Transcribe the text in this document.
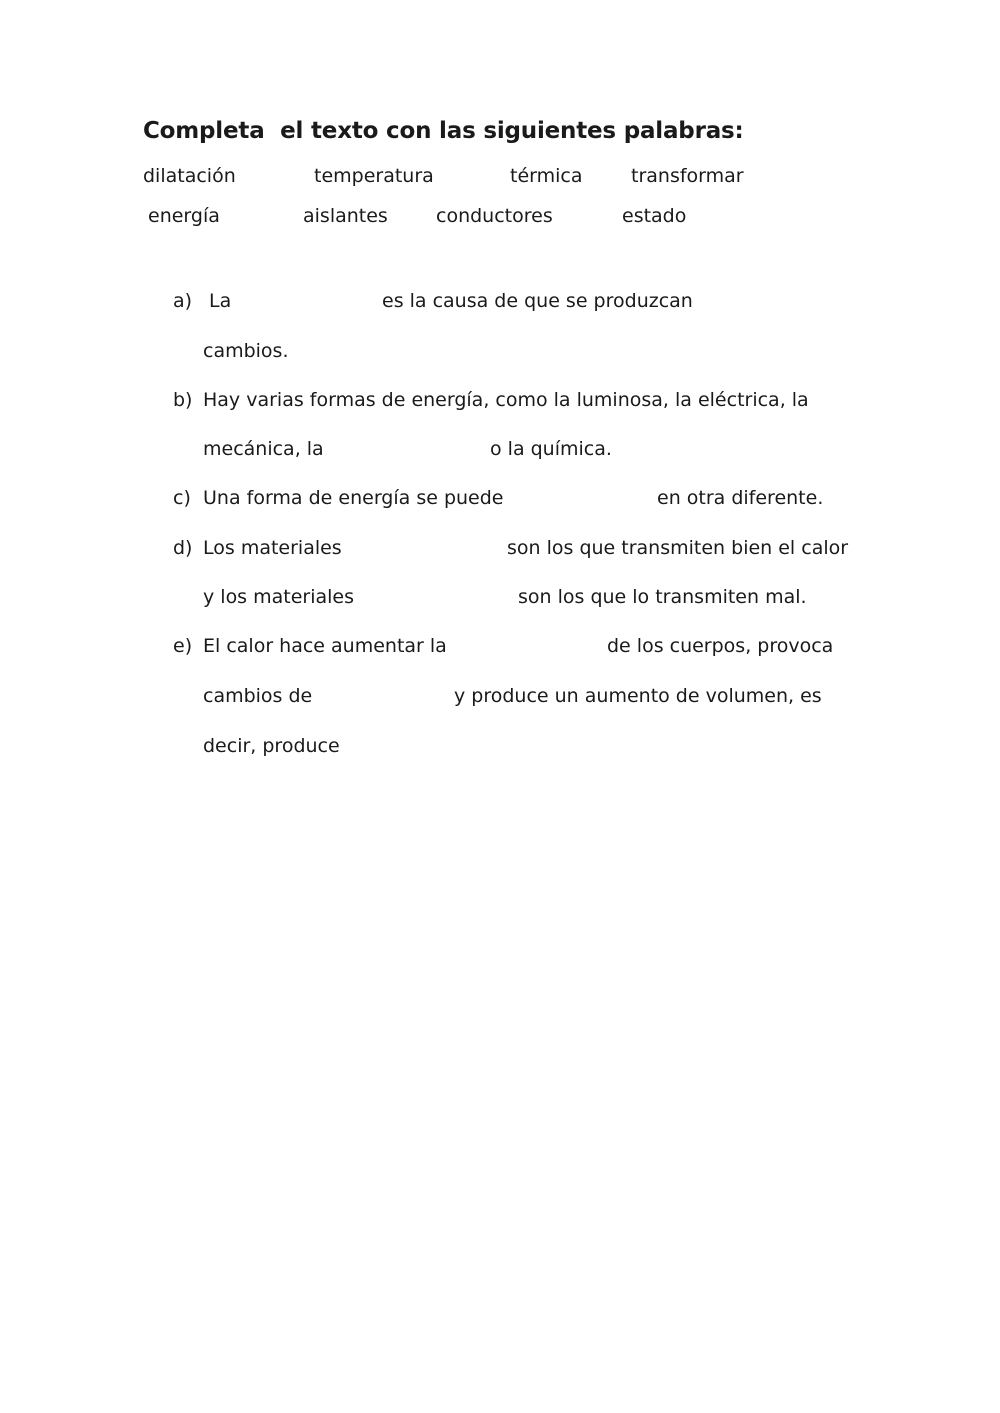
Completa  el texto con las siguientes palabras:
dilatación	temperatura	térmica	transformar
energía	aislantes	conductores	estado
a) La	es la causa de que se produzcan
cambios.
b) Hay varias formas de energía, como la luminosa, la eléctrica, la
mecánica, la	o la química.
c) Una forma de energía se puede	en otra diferente.
d) Los materiales	son los que transmiten bien el calor
y los materiales	son los que lo transmiten mal.
e) El calor hace aumentar la	de los cuerpos, provoca
cambios de	y produce un aumento de volumen, es
decir, produce
